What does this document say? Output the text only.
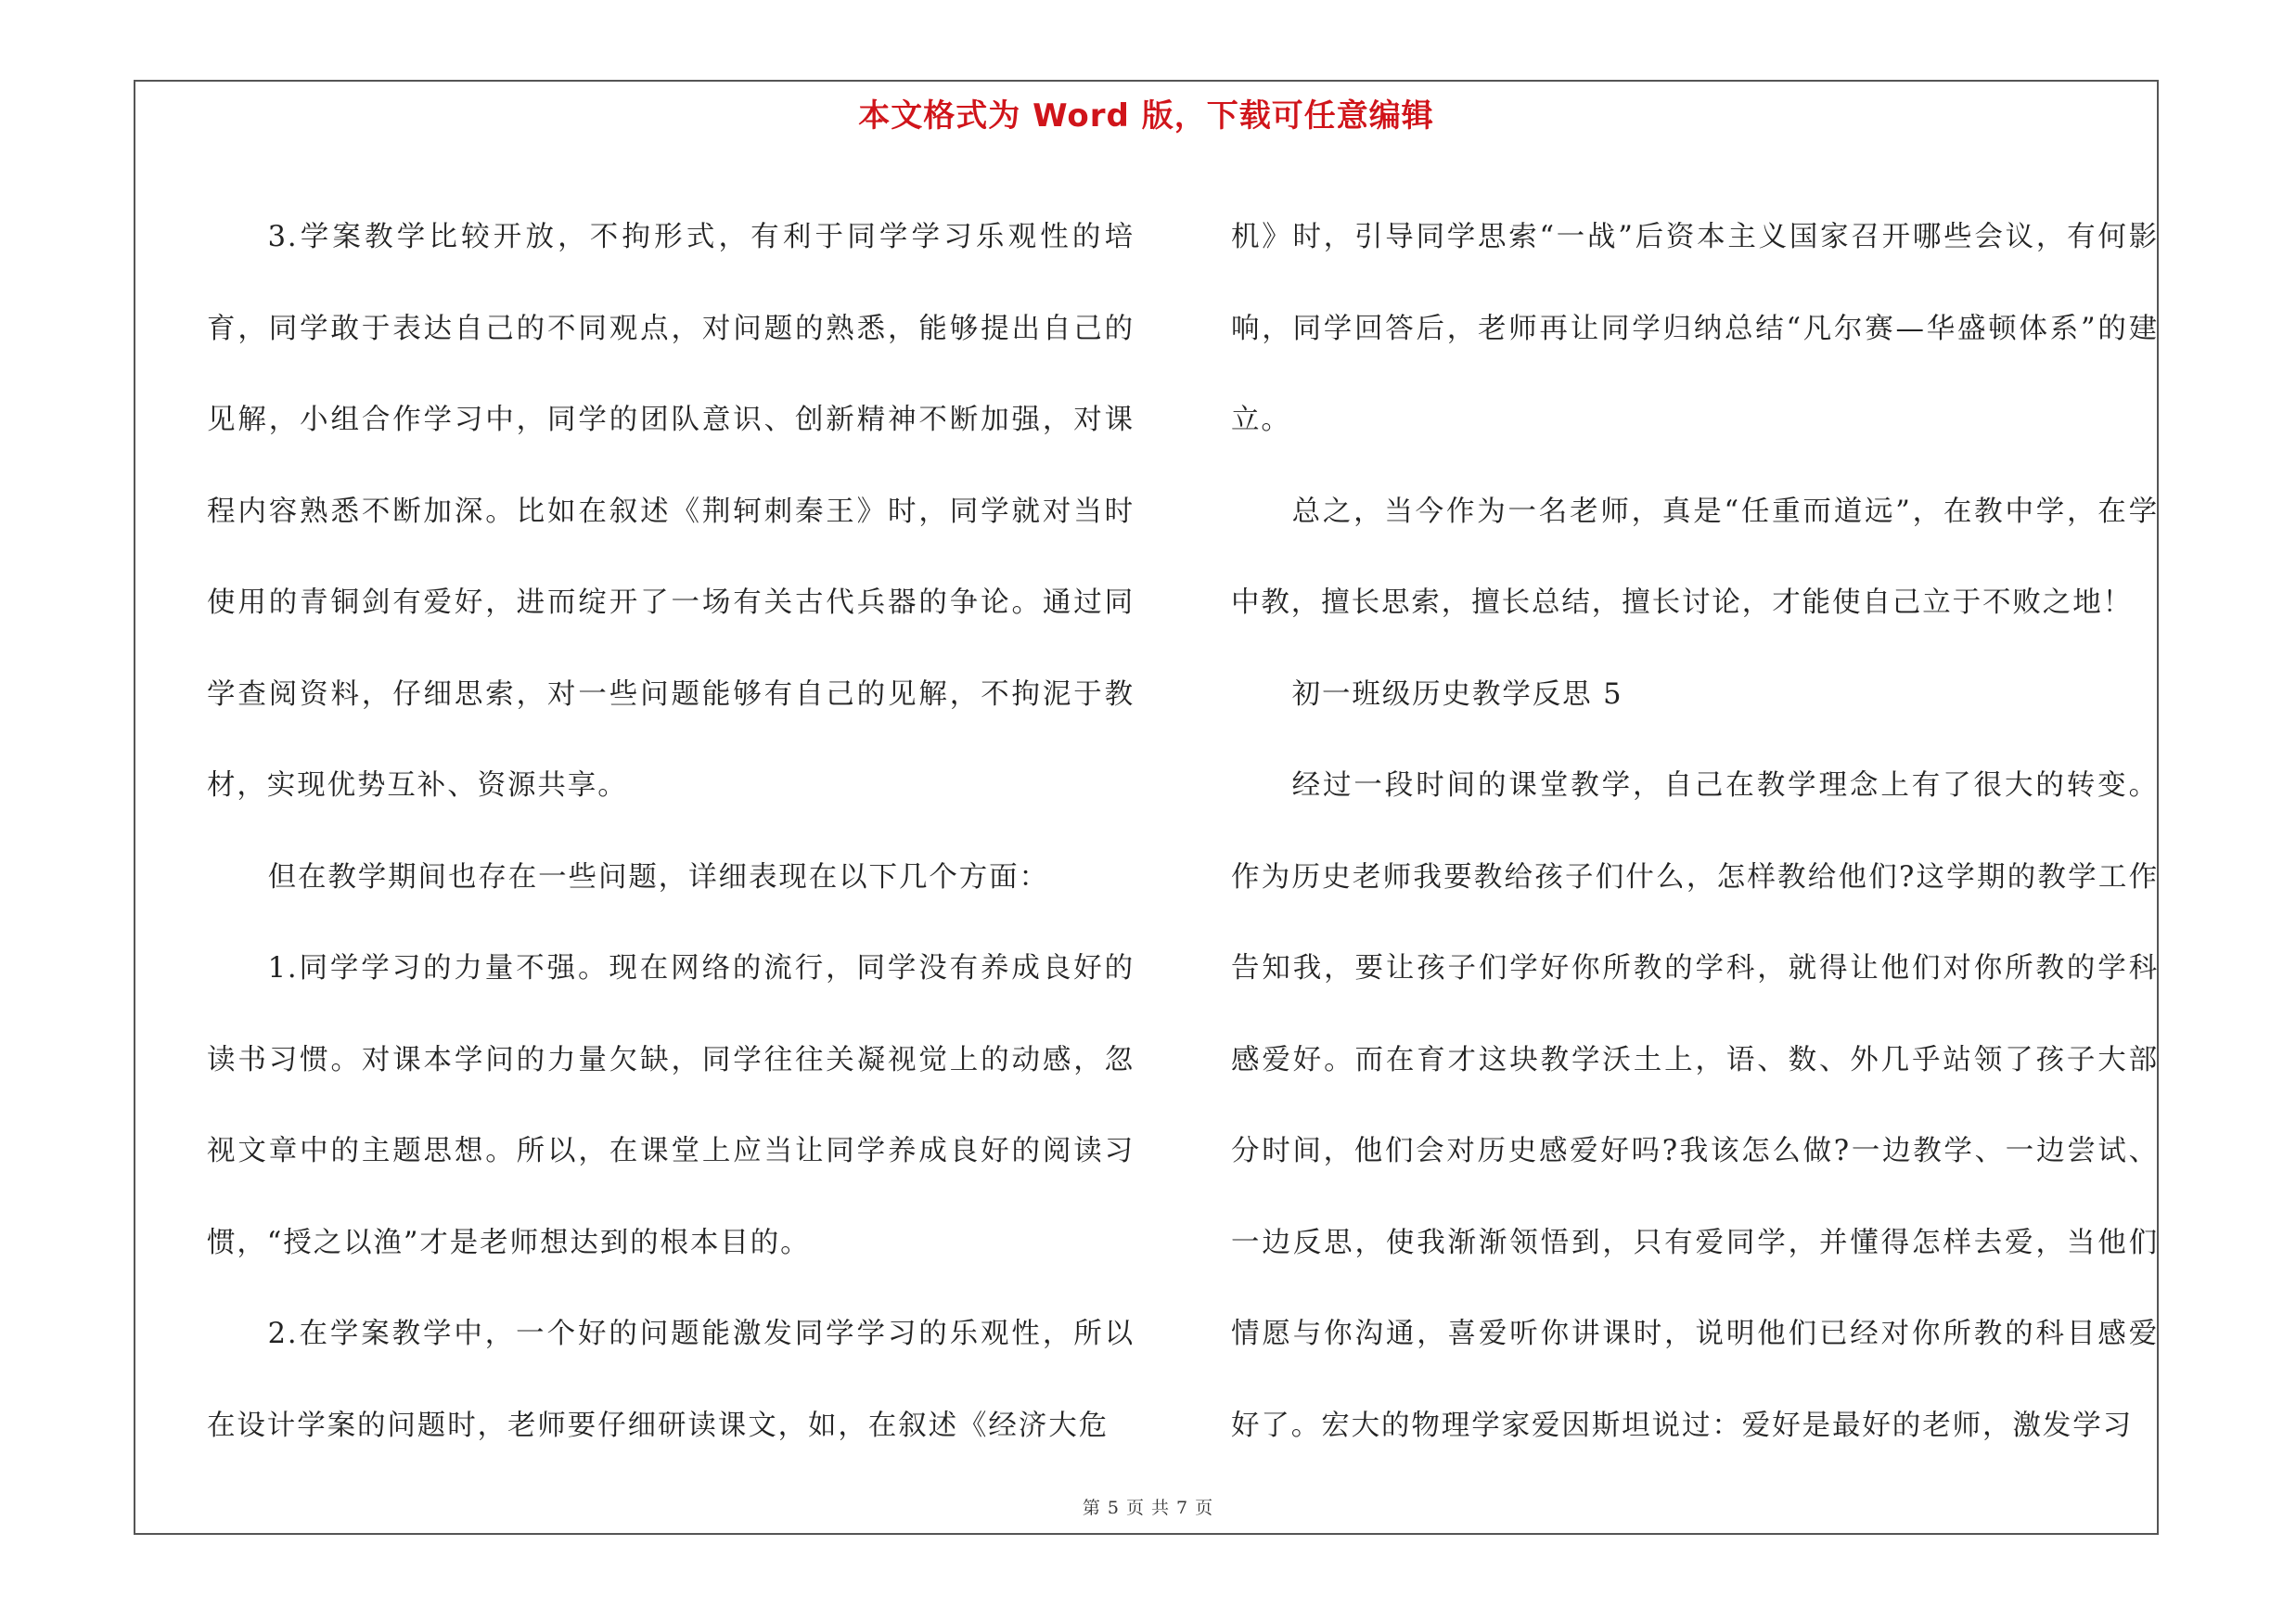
本文格式为 Word 版，下载可任意编辑

3.学案教学比较开放，不拘形式，有利于同学学习乐观性的培育，同学敢于表达自己的不同观点，对问题的熟悉，能够提出自己的见解，小组合作学习中，同学的团队意识、创新精神不断加强，对课程内容熟悉不断加深。比如在叙述《荆轲刺秦王》时，同学就对当时使用的青铜剑有爱好，进而绽开了一场有关古代兵器的争论。通过同学查阅资料，仔细思索，对一些问题能够有自己的见解，不拘泥于教材，实现优势互补、资源共享。

但在教学期间也存在一些问题，详细表现在以下几个方面：

1.同学学习的力量不强。现在网络的流行，同学没有养成良好的读书习惯。对课本学问的力量欠缺，同学往往关凝视觉上的动感，忽视文章中的主题思想。所以，在课堂上应当让同学养成良好的阅读习惯，“授之以渔”才是老师想达到的根本目的。

2.在学案教学中，一个好的问题能激发同学学习的乐观性，所以在设计学案的问题时，老师要仔细研读课文，如，在叙述《经济大危

机》时，引导同学思索“一战”后资本主义国家召开哪些会议，有何影响，同学回答后，老师再让同学归纳总结“凡尔赛—华盛顿体系”的建立。

总之，当今作为一名老师，真是“任重而道远”，在教中学，在学中教，擅长思索，擅长总结，擅长讨论，才能使自己立于不败之地！

初一班级历史教学反思 5

经过一段时间的课堂教学，自己在教学理念上有了很大的转变。作为历史老师我要教给孩子们什么，怎样教给他们?这学期的教学工作告知我，要让孩子们学好你所教的学科，就得让他们对你所教的学科感爱好。而在育才这块教学沃土上，语、数、外几乎站领了孩子大部分时间，他们会对历史感爱好吗?我该怎么做?一边教学、一边尝试、一边反思，使我渐渐领悟到，只有爱同学，并懂得怎样去爱，当他们情愿与你沟通，喜爱听你讲课时，说明他们已经对你所教的科目感爱好了。宏大的物理学家爱因斯坦说过：爱好是最好的老师，激发学习

第 5 页 共 7 页
